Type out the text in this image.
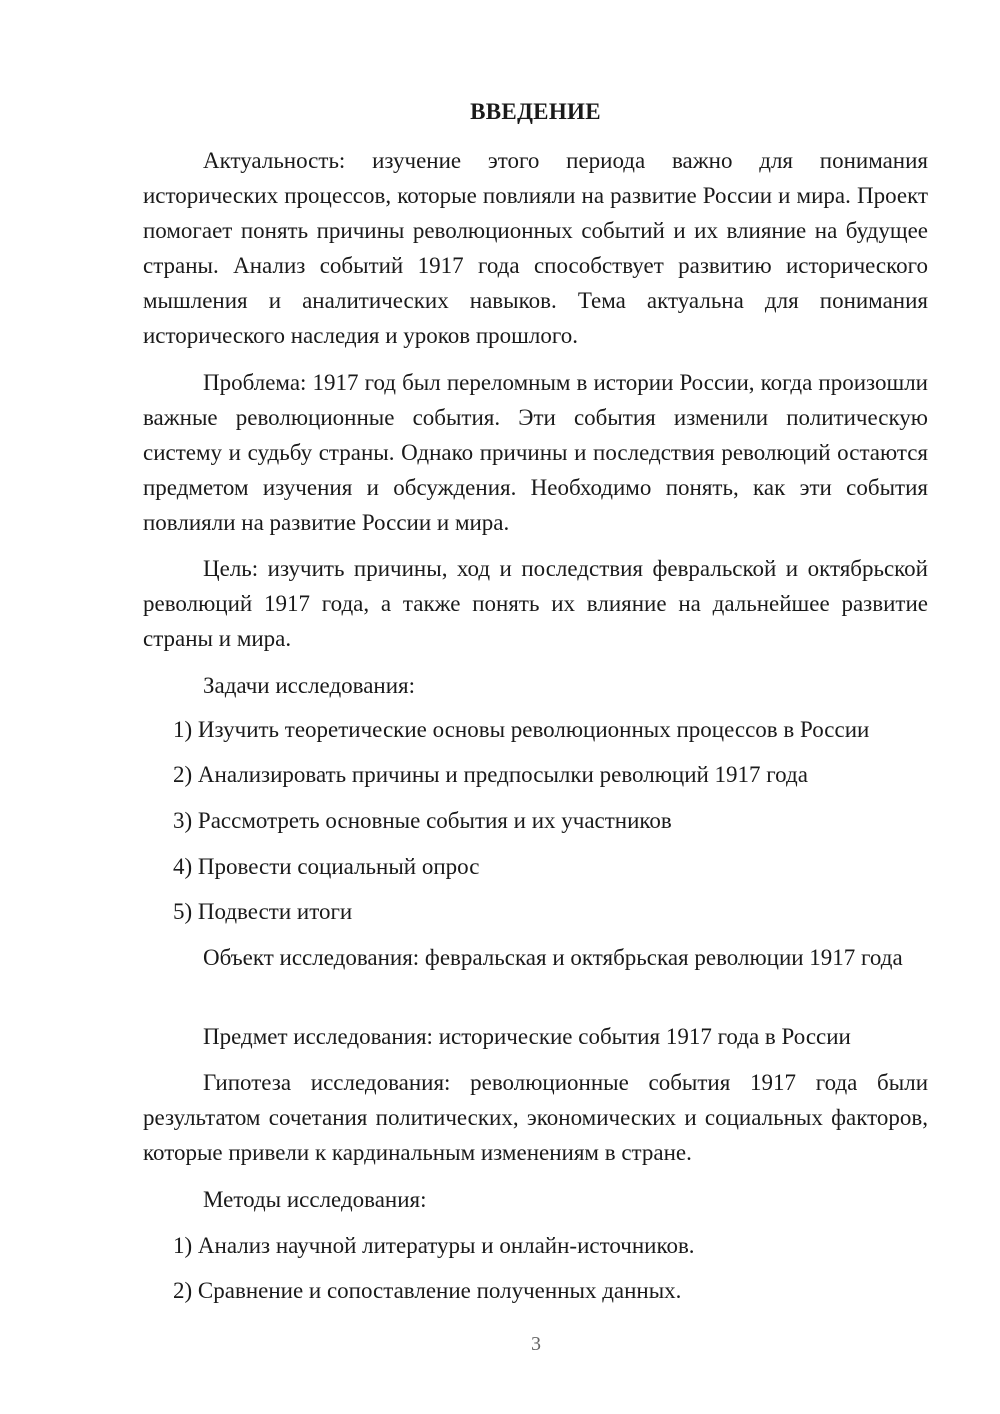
ВВЕДЕНИЕ

Актуальность: изучение этого периода важно для понимания исторических процессов, которые повлияли на развитие России и мира. Проект помогает понять причины революционных событий и их влияние на будущее страны. Анализ событий 1917 года способствует развитию исторического мышления и аналитических навыков. Тема актуальна для понимания исторического наследия и уроков прошлого.

Проблема: 1917 год был переломным в истории России, когда произошли важные революционные события. Эти события изменили политическую систему и судьбу страны. Однако причины и последствия революций остаются предметом изучения и обсуждения. Необходимо понять, как эти события повлияли на развитие России и мира.

Цель: изучить причины, ход и последствия февральской и октябрьской революций 1917 года, а также понять их влияние на дальнейшее развитие страны и мира.

Задачи исследования:

1) Изучить теоретические основы революционных процессов в России

2) Анализировать причины и предпосылки революций 1917 года

3) Рассмотреть основные события и их участников

4) Провести социальный опрос

5) Подвести итоги

Объект исследования: февральская и октябрьская революции 1917 года

Предмет исследования: исторические события 1917 года в России

Гипотеза исследования: революционные события 1917 года были результатом сочетания политических, экономических и социальных факторов, которые привели к кардинальным изменениям в стране.

Методы исследования:

1) Анализ научной литературы и онлайн-источников.

2) Сравнение и сопоставление полученных данных.

3
